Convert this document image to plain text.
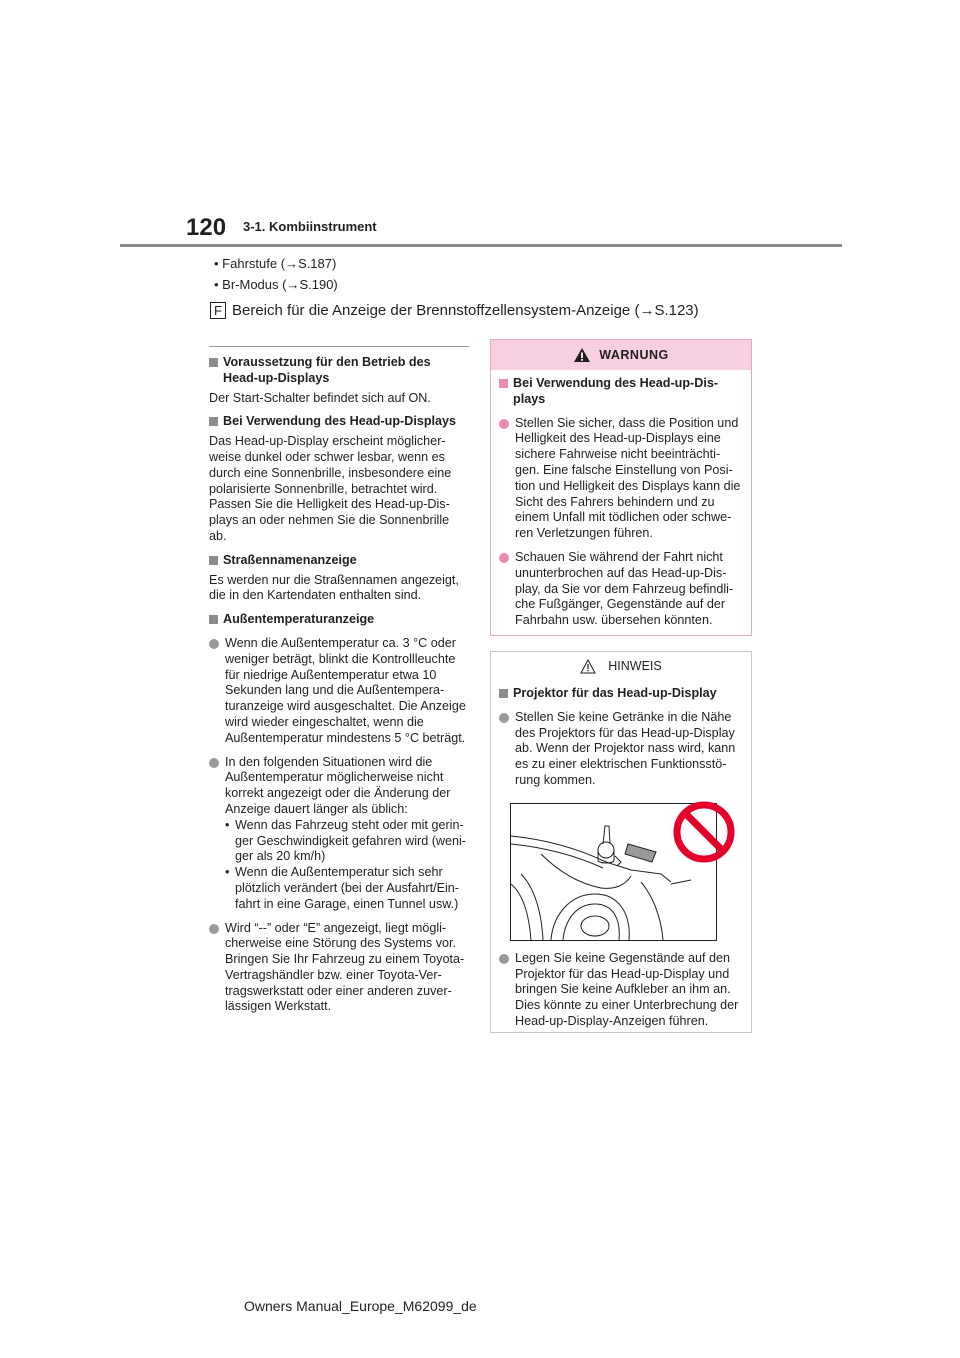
120 3-1. Kombiinstrument
• Fahrstufe (→S.187)
• Br-Modus (→S.190)
F Bereich für die Anzeige der Brennstoffzellensystem-Anzeige (→S.123)
Voraussetzung für den Betrieb des Head-up-Displays
Der Start-Schalter befindet sich auf ON.
Bei Verwendung des Head-up-Displays
Das Head-up-Display erscheint möglicher-weise dunkel oder schwer lesbar, wenn es durch eine Sonnenbrille, insbesondere eine polarisierte Sonnenbrille, betrachtet wird. Passen Sie die Helligkeit des Head-up-Dis-plays an oder nehmen Sie die Sonnenbrille ab.
Straßennamenanzeige
Es werden nur die Straßennamen angezeigt, die in den Kartendaten enthalten sind.
Außentemperaturanzeige
Wenn die Außentemperatur ca. 3 °C oder weniger beträgt, blinkt die Kontrollleuchte für niedrige Außentemperatur etwa 10 Sekunden lang und die Außentempera-turanzeige wird ausgeschaltet. Die Anzeige wird wieder eingeschaltet, wenn die Außentemperatur mindestens 5 °C beträgt.
In den folgenden Situationen wird die Außentemperatur möglicherweise nicht korrekt angezeigt oder die Änderung der Anzeige dauert länger als üblich:
• Wenn das Fahrzeug steht oder mit gerin-ger Geschwindigkeit gefahren wird (weni-ger als 20 km/h)
• Wenn die Außentemperatur sich sehr plötzlich verändert (bei der Ausfahrt/Ein-fahrt in eine Garage, einen Tunnel usw.)
Wird “--” oder “E” angezeigt, liegt mögli-cherweise eine Störung des Systems vor. Bringen Sie Ihr Fahrzeug zu einem Toyota-Vertragshändler bzw. einer Toyota-Ver-tragswerkstatt oder einer anderen zuver-lässigen Werkstatt.
WARNUNG
Bei Verwendung des Head-up-Dis-plays
Stellen Sie sicher, dass die Position und Helligkeit des Head-up-Displays eine sichere Fahrweise nicht beeinträchti-gen. Eine falsche Einstellung von Posi-tion und Helligkeit des Displays kann die Sicht des Fahrers behindern und zu einem Unfall mit tödlichen oder schwe-ren Verletzungen führen.
Schauen Sie während der Fahrt nicht ununterbrochen auf das Head-up-Dis-play, da Sie vor dem Fahrzeug befindli-che Fußgänger, Gegenstände auf der Fahrbahn usw. übersehen könnten.
HINWEIS
Projektor für das Head-up-Display
Stellen Sie keine Getränke in die Nähe des Projektors für das Head-up-Display ab. Wenn der Projektor nass wird, kann es zu einer elektrischen Funktionsstö-rung kommen.
Legen Sie keine Gegenstände auf den Projektor für das Head-up-Display und bringen Sie keine Aufkleber an ihm an. Dies könnte zu einer Unterbrechung der Head-up-Display-Anzeigen führen.
Owners Manual_Europe_M62099_de
